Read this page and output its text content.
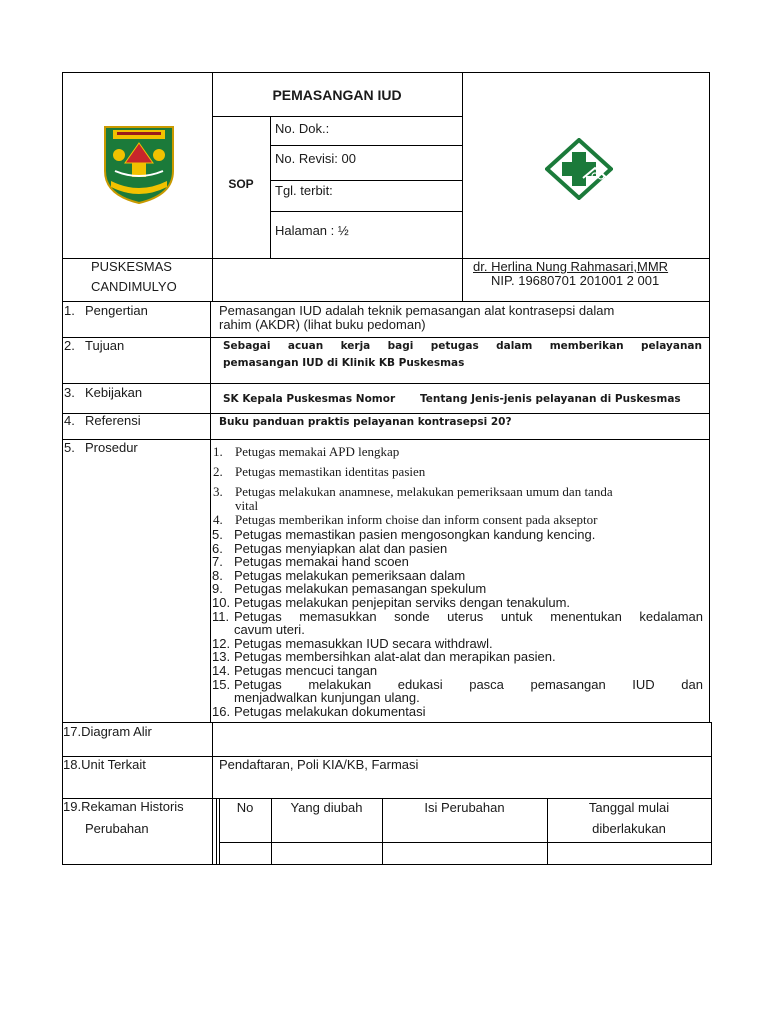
PEMASANGAN IUD
SOP
No. Dok.:
No. Revisi: 00
Tgl. terbit:
Halaman : ½
PUSKESMAS
CANDIMULYO
dr. Herlina Nung Rahmasari,MMR
NIP. 19680701 201001 2 001
1. Pengertian	Pemasangan IUD adalah teknik pemasangan alat kontrasepsi dalam
rahim (AKDR) (lihat buku pedoman)
2. Tujuan	Sebagai acuan kerja bagi petugas dalam memberikan pelayanan
pemasangan IUD di Klinik KB Puskesmas
3. Kebijakan	SK Kepala Puskesmas Nomor Tentang Jenis-jenis pelayanan di Puskesmas
4. Referensi	Buku panduan praktis pelayanan kontrasepsi 20?
5. Prosedur	1. Petugas memakai APD lengkap
2. Petugas memastikan identitas pasien
3. Petugas melakukan anamnese, melakukan pemeriksaan umum dan tanda
vital
4. Petugas memberikan inform choise dan inform consent pada akseptor
5. Petugas memastikan pasien mengosongkan kandung kencing.
6. Petugas menyiapkan alat dan pasien
7. Petugas memakai hand scoen
8. Petugas melakukan pemeriksaan dalam
9. Petugas melakukan pemasangan spekulum
10. Petugas melakukan penjepitan serviks dengan tenakulum.
11. Petugas memasukkan sonde uterus untuk menentukan kedalaman
cavum uteri.
12. Petugas memasukkan IUD secara withdrawl.
13. Petugas membersihkan alat-alat dan merapikan pasien.
14. Petugas mencuci tangan
15. Petugas melakukan edukasi pasca pemasangan IUD dan
menjadwalkan kunjungan ulang.
16. Petugas melakukan dokumentasi
17.Diagram Alir
18.Unit Terkait	Pendaftaran, Poli KIA/KB, Farmasi
19.Rekaman Historis
Perubahan
No	Yang diubah	Isi Perubahan	Tanggal mulai
diberlakukan
